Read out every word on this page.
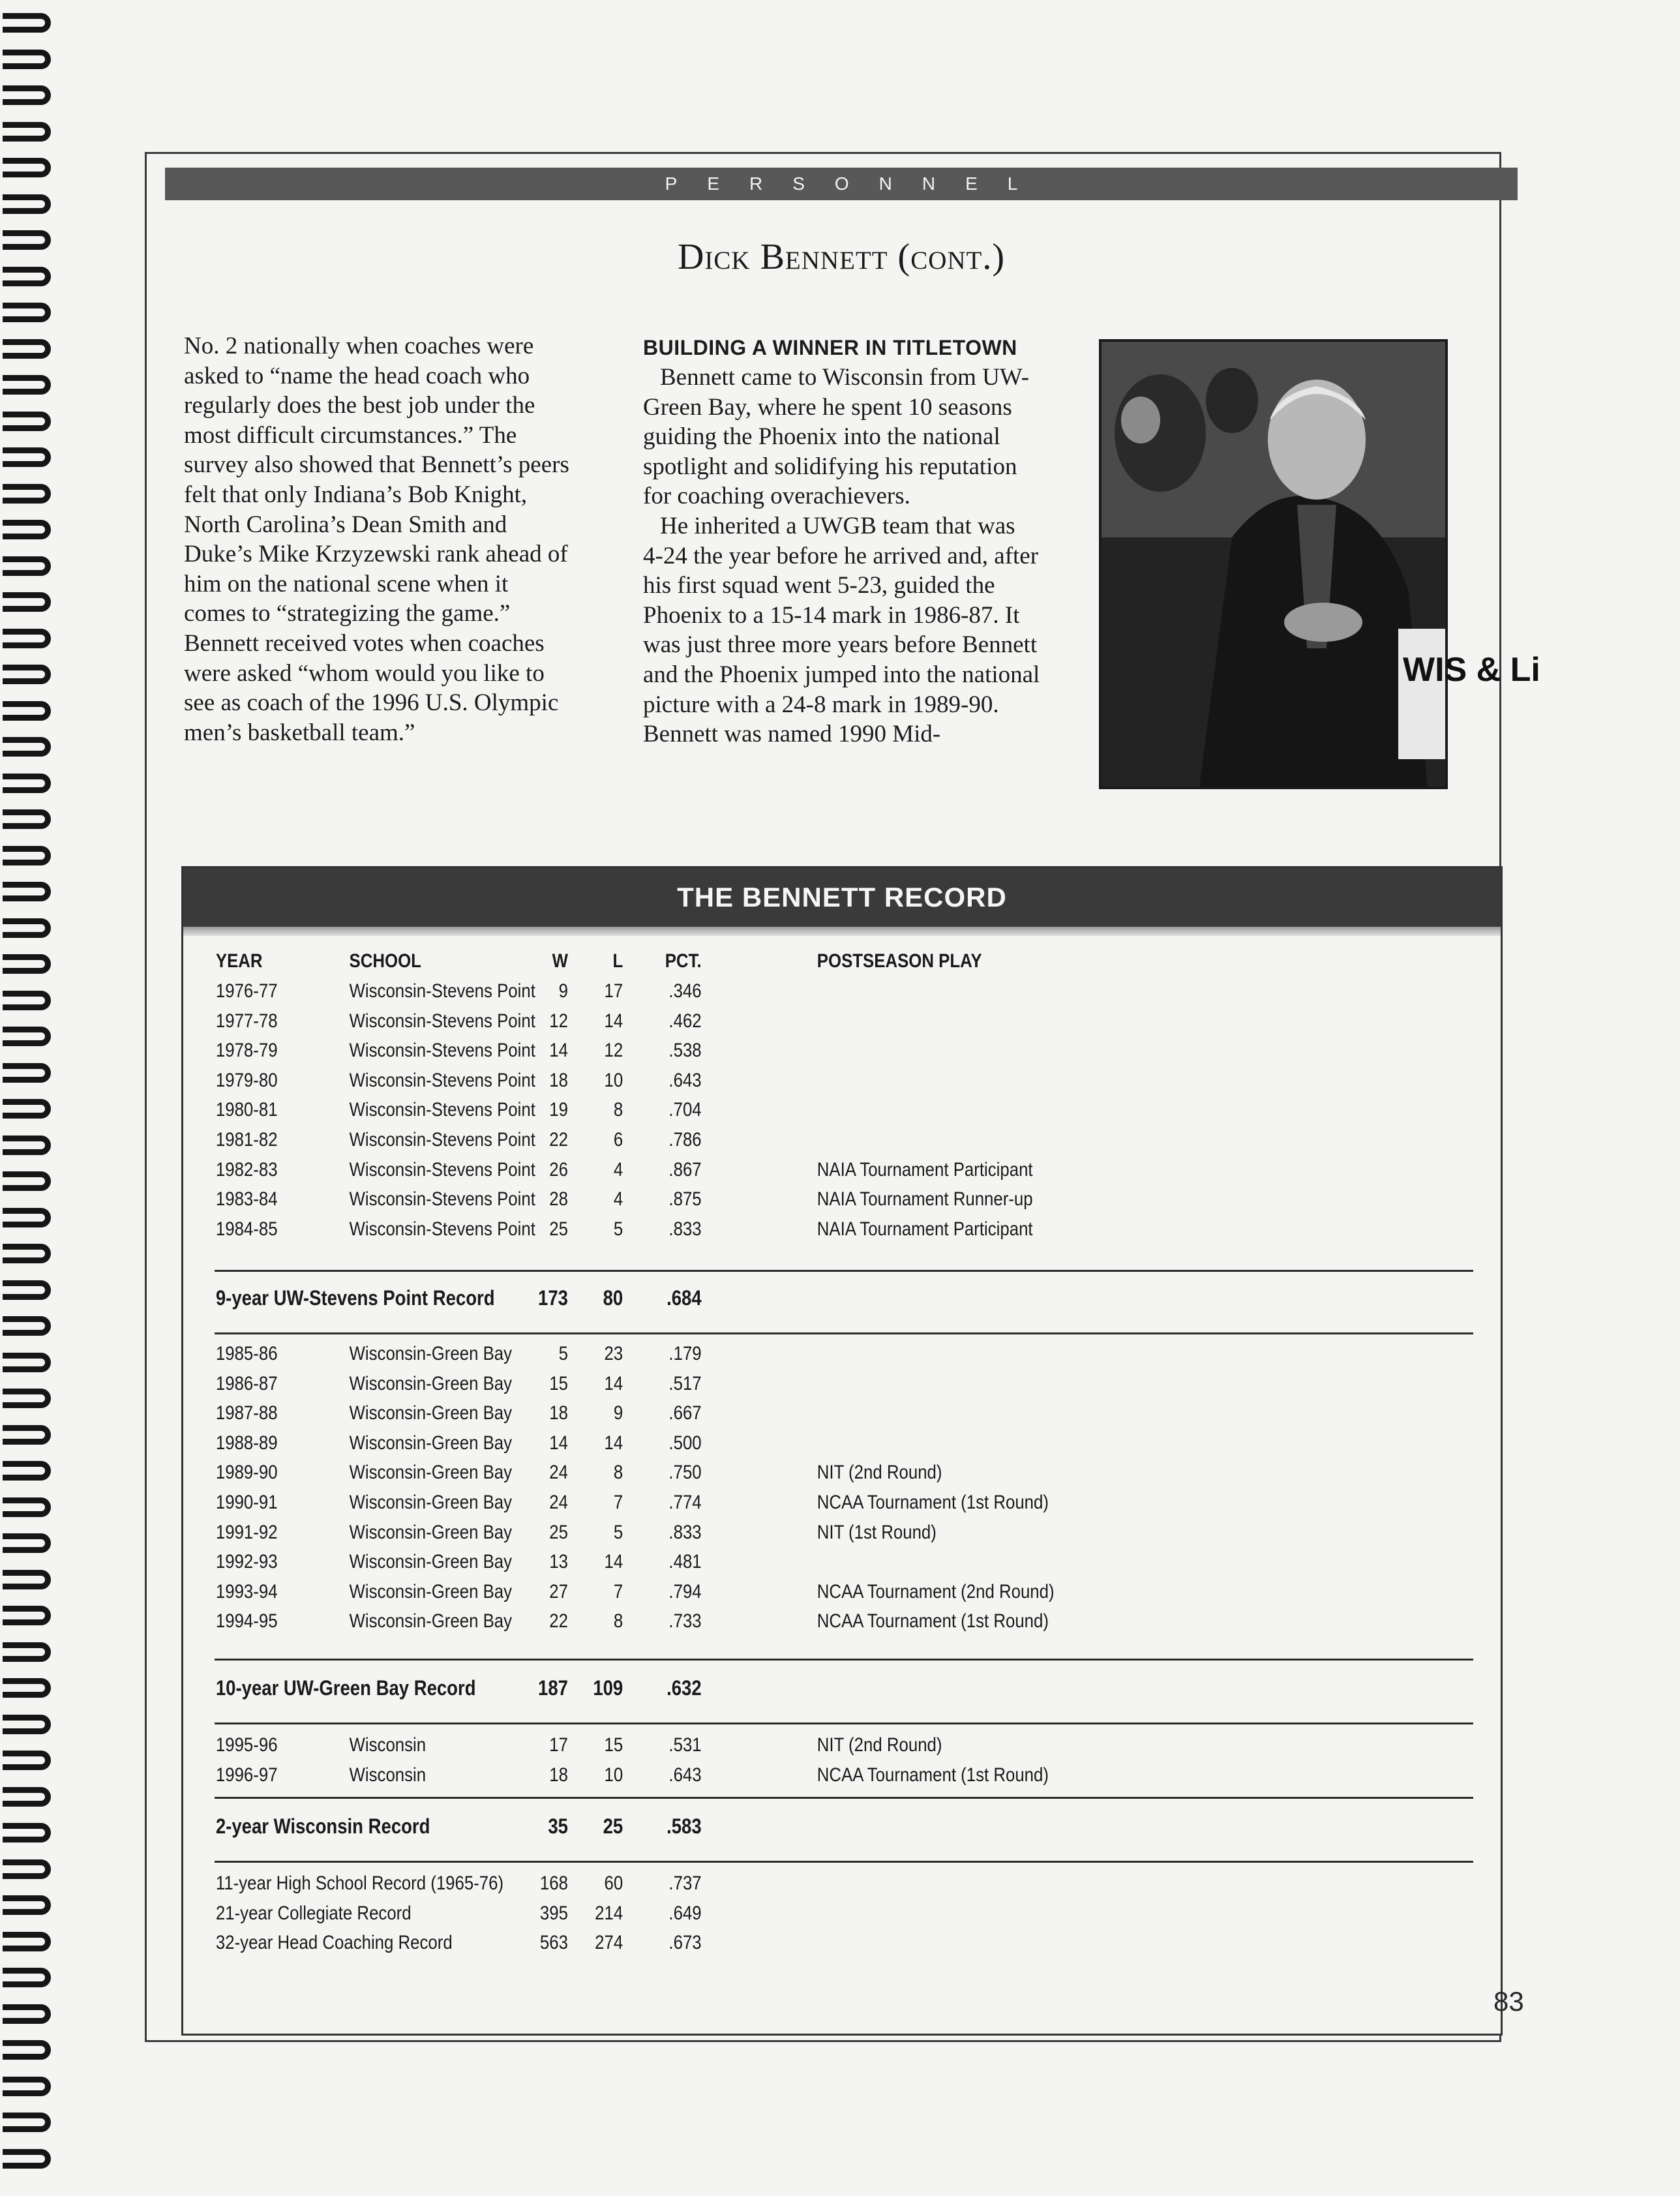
PERSONNEL
Dick Bennett (cont.)

No. 2 nationally when coaches were asked to “name the head coach who regularly does the best job under the most difficult circumstances.” The survey also showed that Bennett’s peers felt that only Indiana’s Bob Knight, North Carolina’s Dean Smith and Duke’s Mike Krzyzewski rank ahead of him on the national scene when it comes to “strategizing the game.” Bennett received votes when coaches were asked “whom would you like to see as coach of the 1996 U.S. Olympic men’s basketball team.”

BUILDING A WINNER IN TITLETOWN

Bennett came to Wisconsin from UW-Green Bay, where he spent 10 seasons guiding the Phoenix into the national spotlight and solidifying his reputation for coaching overachievers.

He inherited a UWGB team that was 4-24 the year before he arrived and, after his first squad went 5-23, guided the Phoenix to a 15-14 mark in 1986-87. It was just three more years before Bennett and the Phoenix jumped into the national picture with a 24-8 mark in 1989-90. Bennett was named 1990 Mid-

WIS & Li
THE BENNETT RECORD
YEAR	SCHOOL	W	L	PCT.	POSTSEASON PLAY
1976-77	Wisconsin-Stevens Point	9	17	.346
1977-78	Wisconsin-Stevens Point 12	14	.462
1978-79	Wisconsin-Stevens Point 14	12	.538
1979-80	Wisconsin-Stevens Point 18	10	.643
1980-81	Wisconsin-Stevens Point 19	8	.704
1981-82	Wisconsin-Stevens Point 22	6	.786
1982-83	Wisconsin-Stevens Point 26	4	.867	NAIA Tournament Participant
1983-84	Wisconsin-Stevens Point 28	4	.875	NAIA Tournament Runner-up
1984-85	Wisconsin-Stevens Point 25	5	.833	NAIA Tournament Participant
9-year UW-Stevens Point Record	173	80	.684
1985-86	Wisconsin-Green Bay	5	23	.179
1986-87	Wisconsin-Green Bay	15	14	.517
1987-88	Wisconsin-Green Bay	18	9	.667
1988-89	Wisconsin-Green Bay	14	14	.500
1989-90	Wisconsin-Green Bay	24	8	.750	NIT (2nd Round)
1990-91	Wisconsin-Green Bay	24	7	.774	NCAA Tournament (1st Round)
1991-92	Wisconsin-Green Bay	25	5	.833	NIT (1st Round)
1992-93	Wisconsin-Green Bay	13	14	.481
1993-94	Wisconsin-Green Bay	27	7	.794	NCAA Tournament (2nd Round)
1994-95	Wisconsin-Green Bay	22	8	.733	NCAA Tournament (1st Round)
10-year UW-Green Bay Record	187	109	.632
1995-96	Wisconsin	17	15	.531	NIT (2nd Round)
1996-97	Wisconsin	18	10	.643	NCAA Tournament (1st Round)
2-year Wisconsin Record	35	25	.583
11-year High School Record (1965-76)	168	60	.737
21-year Collegiate Record	395	214	.649
32-year Head Coaching Record	563	274	.673
83
